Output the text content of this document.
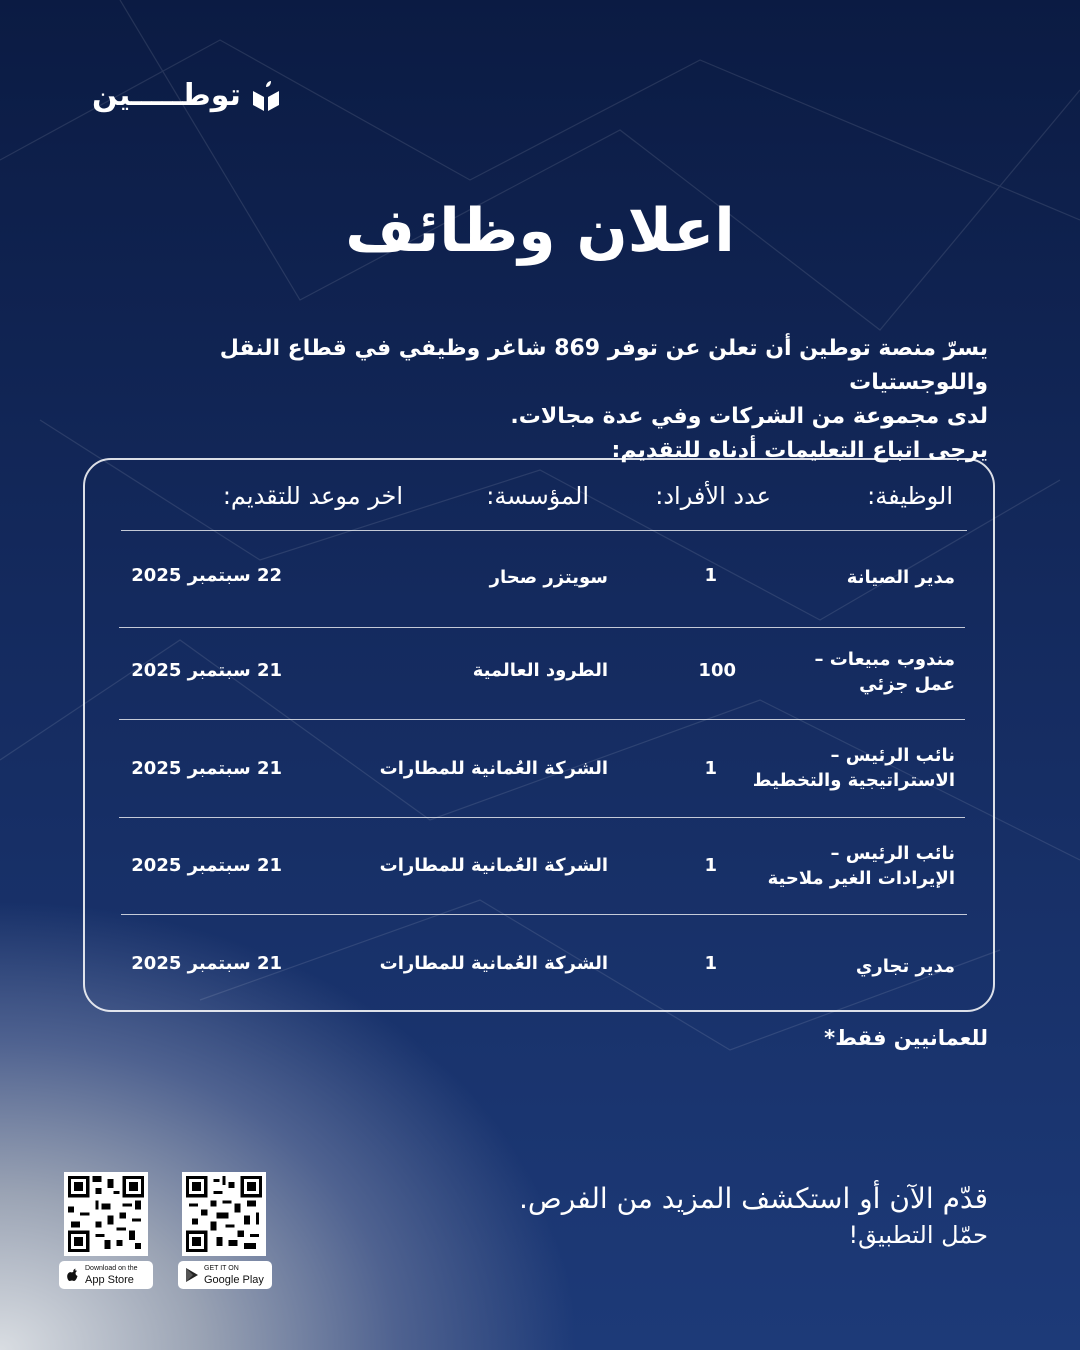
توطـــــين
اعلان وظائف
يسرّ منصة توطين أن تعلن عن توفر 869 شاغر وظيفي في قطاع النقل واللوجستيات
لدى مجموعة من الشركات وفي عدة مجالات.
يرجى اتباع التعليمات أدناه للتقديم:
الوظيفة:
عدد الأفراد:
المؤسسة:
اخر موعد للتقديم:
مدير الصيانة
1
سويتزر صحار
22 سبتمبر 2025
مندوب مبيعات –
عمل جزئي
100
الطرود العالمية
21 سبتمبر 2025
نائب الرئيس –
الاستراتيجية والتخطيط
1
الشركة العُمانية للمطارات
21 سبتمبر 2025
نائب الرئيس –
الإيرادات الغير ملاحية
1
الشركة العُمانية للمطارات
21 سبتمبر 2025
مدير تجاري
1
الشركة العُمانية للمطارات
21 سبتمبر 2025
للعمانيين فقط*
قدّم الآن أو استكشف المزيد من الفرص.
حمّل التطبيق!
GET IT ON
Google Play
Download on the
App Store
